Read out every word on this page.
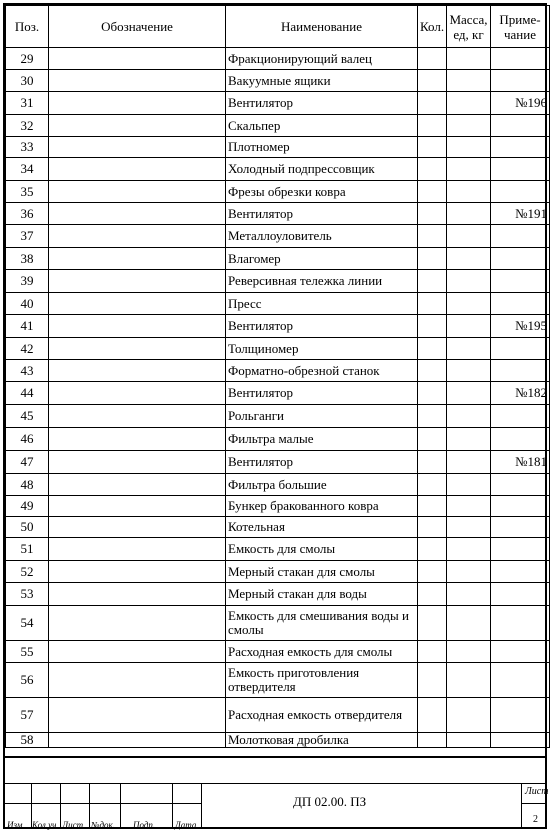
Поз.	Обозначение	Наименование	Кол.	Масса, ед, кг	Приме-чание
29		Фракционирующий валец			
30		Вакуумные ящики			
31		Вентилятор			№196
32		Скальпер			
33		Плотномер			
34		Холодный подпрессовщик			
35		Фрезы обрезки ковра			
36		Вентилятор			№191
37		Металлоуловитель			
38		Влагомер			
39		Реверсивная тележка линии			
40		Пресс			
41		Вентилятор			№195
42		Толщиномер			
43		Форматно-обрезной станок			
44		Вентилятор			№182
45		Рольганги			
46		Фильтра малые			
47		Вентилятор			№181
48		Фильтра большие			
49		Бункер бракованного ковра			
50		Котельная			
51		Емкость для смолы			
52		Мерный стакан для смолы			
53		Мерный стакан для воды			
54		Емкость для смешивания воды и смолы			
55		Расходная емкость для смолы			
56		Емкость приготовления отвердителя			
57		Расходная емкость отвердителя			
58		Молотковая дробилка			
Изм Кол.уч Лист №док. Подп. Дата
ДП 02.00. ПЗ
Лист
2
